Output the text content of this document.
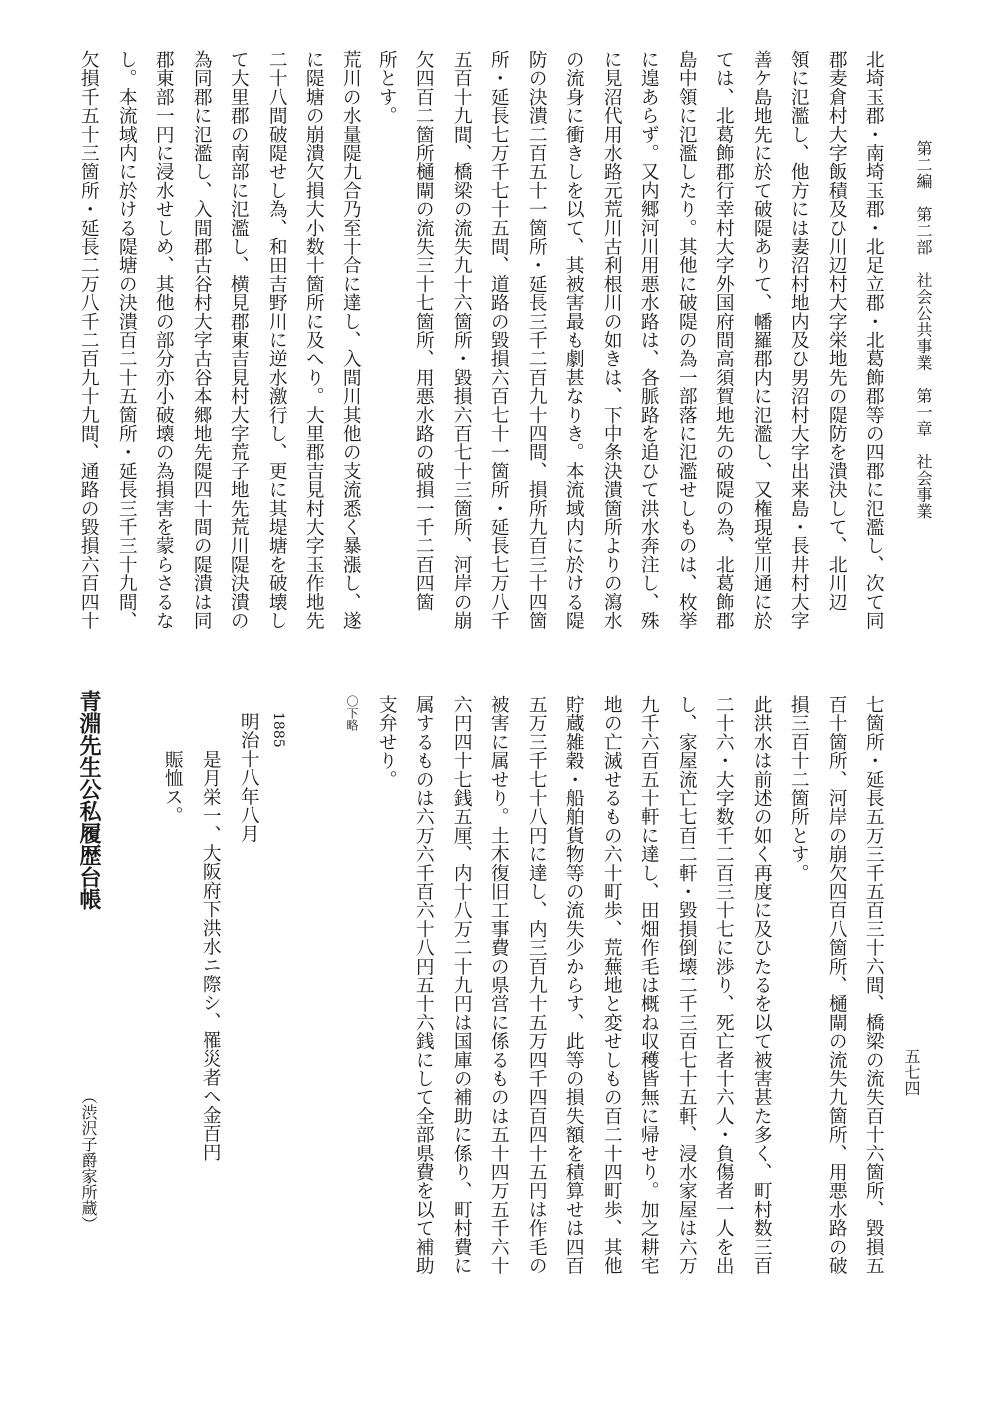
第二編　第二部　社会公共事業　第一章　社会事業
五七四
北埼玉郡・南埼玉郡・北足立郡・北葛飾郡等の四郡に氾濫し、次て同
郡麦倉村大字飯積及ひ川辺村大字栄地先の隄防を潰決して、北川辺
領に氾濫し、他方には妻沼村地内及ひ男沼村大字出来島・長井村大字
善ケ島地先に於て破隄ありて、幡羅郡内に氾濫し、又権現堂川通に於
ては、北葛飾郡行幸村大字外国府間高須賀地先の破隄の為、北葛飾郡
島中領に氾濫したり。其他に破隄の為一部落に氾濫せしものは、枚挙
に遑あらず。又内郷河川用悪水路は、各脈路を追ひて洪水奔注し、殊
に見沼代用水路元荒川古利根川の如きは、下中条決潰箇所よりの瀉水
の流身に衝きしを以て、其被害最も劇甚なりき。本流域内に於ける隄
防の決潰二百五十一箇所・延長三千二百九十四間、損所九百三十四箇
所・延長七万千七十五間、道路の毀損六百七十一箇所・延長七万八千
五百十九間、橋梁の流失九十六箇所・毀損六百七十三箇所、河岸の崩
欠四百二箇所樋閘の流失三十七箇所、用悪水路の破損一千二百四箇
所とす。
荒川の水量隄九合乃至十合に達し、入間川其他の支流悉く暴漲し、遂
に隄塘の崩潰欠損大小数十箇所に及へり。大里郡吉見村大字玉作地先
二十八間破隄せし為、和田吉野川に逆水激行し、更に其堤塘を破壊し
て大里郡の南部に氾濫し、横見郡東吉見村大字荒子地先荒川隄決潰の
為同郡に氾濫し、入間郡古谷村大字古谷本郷地先隄四十間の隄潰は同
郡東部一円に浸水せしめ、其他の部分亦小破壊の為損害を蒙らさるな
し。本流域内に於ける隄塘の決潰百二十五箇所・延長三千三十九間、
欠損千五十三箇所・延長二万八千二百九十九間、通路の毀損六百四十
七箇所・延長五万三千五百三十六間、橋梁の流失百十六箇所、毀損五
百十箇所、河岸の崩欠四百八箇所、樋閘の流失九箇所、用悪水路の破
損三百十二箇所とす。
此洪水は前述の如く再度に及ひたるを以て被害甚た多く、町村数三百
二十六・大字数千二百三十七に渉り、死亡者十六人・負傷者一人を出
し、家屋流亡七百二軒・毀損倒壊二千三百七十五軒、浸水家屋は六万
九千六百五十軒に達し、田畑作毛は概ね収穫皆無に帰せり。加之耕宅
地の亡滅せるもの六十町歩、荒蕪地と変せしもの百二十四町歩、其他
貯蔵雑穀・船舶貨物等の流失少からす、此等の損失額を積算せは四百
五万三千七十八円に達し、内三百九十五万四千四百四十五円は作毛の
被害に属せり。土木復旧工事費の県営に係るものは五十四万五千六十
六円四十七銭五厘、内十八万二十九円は国庫の補助に係り、町村費に
属するものは六万六千百六十八円五十六銭にして全部県費を以て補助
支弁せり。
〇下略
1885
明治十八年八月
是月栄一、大阪府下洪水ニ際シ、罹災者ヘ金百円
賑恤ス。
青淵先生公私履歴台帳
（渋沢子爵家所蔵）
